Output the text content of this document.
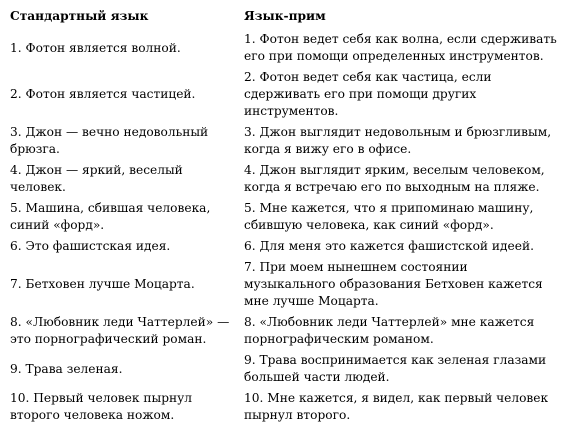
Стандартный язык	Язык-прим
1. Фотон является волной.	1. Фотон ведет себя как волна, если сдерживать его при помощи определенных инструментов.
2. Фотон является частицей.	2. Фотон ведет себя как частица, если сдерживать его при помощи других инструментов.
3. Джон — вечно недовольный брюзга.	3. Джон выглядит недовольным и брюзгливым, когда я вижу его в офисе.
4. Джон — яркий, веселый человек.	4. Джон выглядит ярким, веселым человеком, когда я встречаю его по выходным на пляже.
5. Машина, сбившая человека, синий «форд».	5. Мне кажется, что я припоминаю машину, сбившую человека, как синий «форд».
6. Это фашистская идея.	6. Для меня это кажется фашистской идеей.
7. Бетховен лучше Моцарта.	7. При моем нынешнем состоянии музыкального образования Бетховен кажется мне лучше Моцарта.
8. «Любовник леди Чаттерлей» — это порнографический роман.	8. «Любовник леди Чаттерлей» мне кажется порнографическим романом.
9. Трава зеленая.	9. Трава воспринимается как зеленая глазами большей части людей.
10. Первый человек пырнул второго человека ножом.	10. Мне кажется, я видел, как первый человек пырнул второго.
